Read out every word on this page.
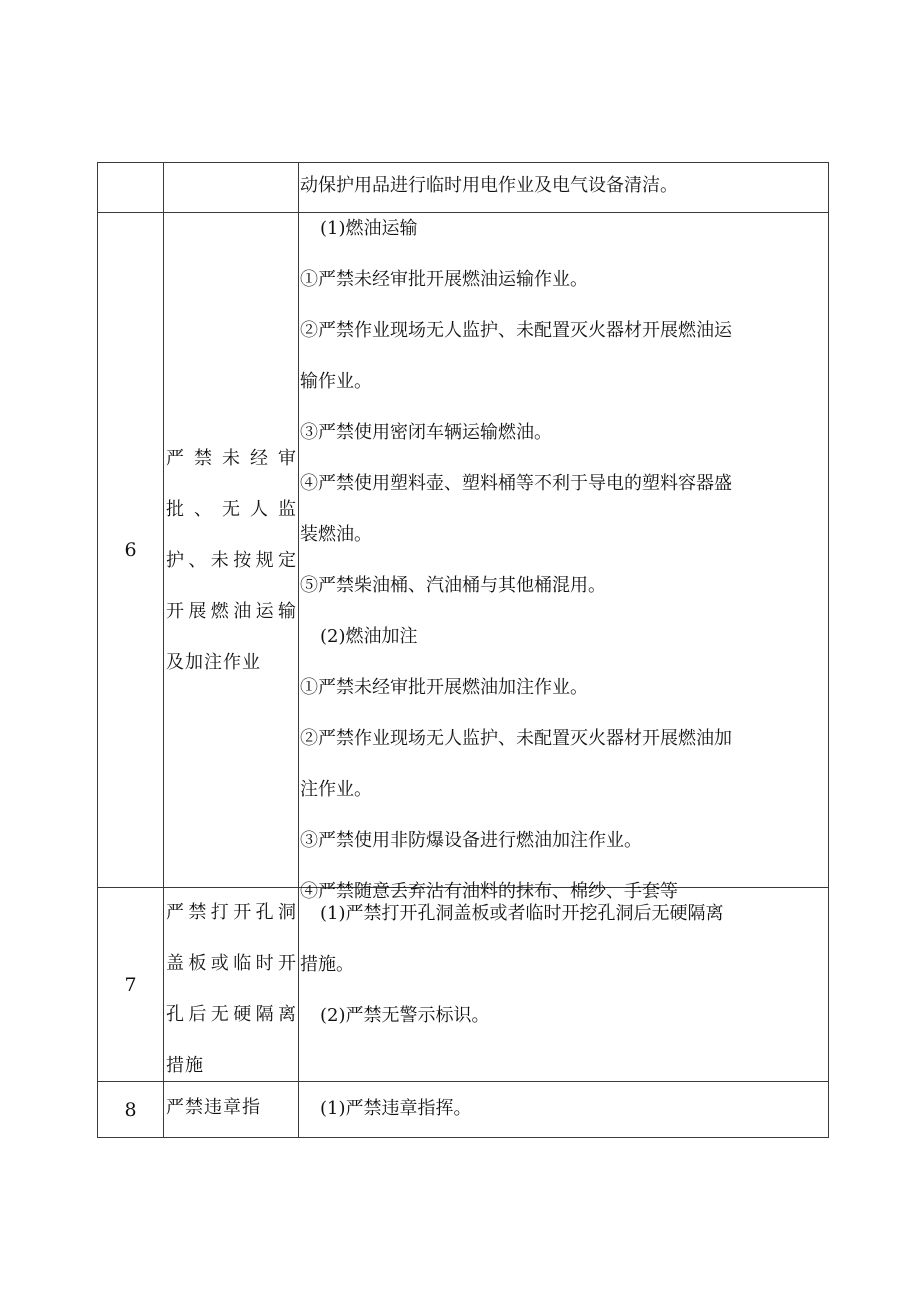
动保护用品进行临时用电作业及电气设备清洁。

6
严禁未经审批、无人监护、未按规定开展燃油运输及加注作业

(1)燃油运输

①严禁未经审批开展燃油运输作业。

②严禁作业现场无人监护、未配置灭火器材开展燃油运

输作业。

③严禁使用密闭车辆运输燃油。

④严禁使用塑料壶、塑料桶等不利于导电的塑料容器盛

装燃油。

⑤严禁柴油桶、汽油桶与其他桶混用。

(2)燃油加注

①严禁未经审批开展燃油加注作业。

②严禁作业现场无人监护、未配置灭火器材开展燃油加

注作业。

③严禁使用非防爆设备进行燃油加注作业。

④严禁随意丢弃沾有油料的抹布、棉纱、手套等

7
严禁打开孔洞盖板或临时开孔后无硬隔离措施

(1)严禁打开孔洞盖板或者临时开挖孔洞后无硬隔离

措施。

(2)严禁无警示标识。

8 严禁违章指	(1)严禁违章指挥。
